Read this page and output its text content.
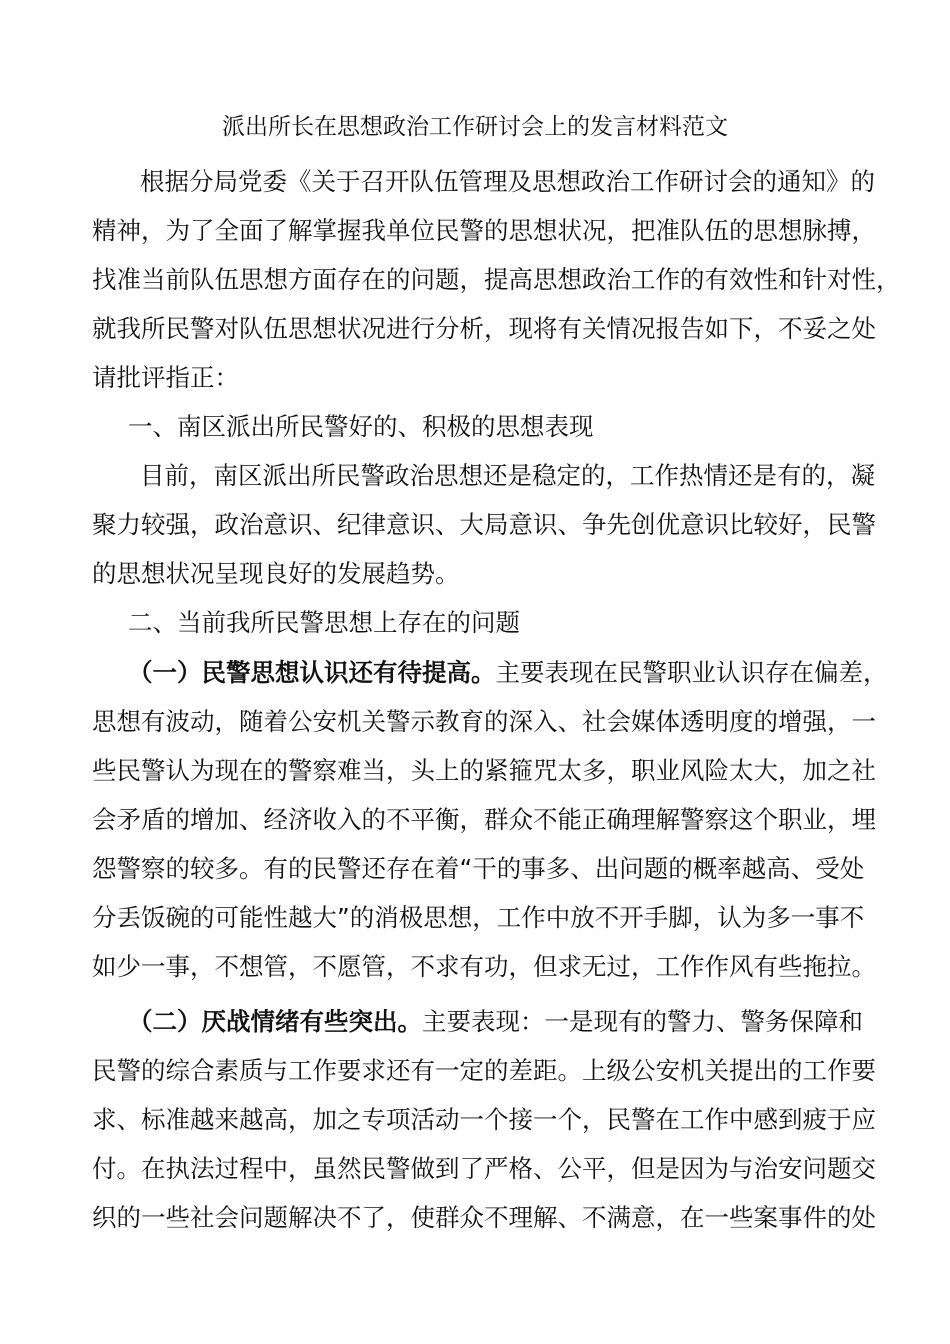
派出所长在思想政治工作研讨会上的发言材料范文
根据分局党委《关于召开队伍管理及思想政治工作研讨会的通知》的
精神，为了全面了解掌握我单位民警的思想状况，把准队伍的思想脉搏，
找准当前队伍思想方面存在的问题，提高思想政治工作的有效性和针对性，
就我所民警对队伍思想状况进行分析，现将有关情况报告如下，不妥之处
请批评指正：
一、南区派出所民警好的、积极的思想表现
目前，南区派出所民警政治思想还是稳定的，工作热情还是有的，凝
聚力较强，政治意识、纪律意识、大局意识、争先创优意识比较好，民警
的思想状况呈现良好的发展趋势。
二、当前我所民警思想上存在的问题
（一）民警思想认识还有待提高。主要表现在民警职业认识存在偏差，
思想有波动，随着公安机关警示教育的深入、社会媒体透明度的增强，一
些民警认为现在的警察难当，头上的紧箍咒太多，职业风险太大，加之社
会矛盾的增加、经济收入的不平衡，群众不能正确理解警察这个职业，埋
怨警察的较多。有的民警还存在着“干的事多、出问题的概率越高、受处
分丢饭碗的可能性越大”的消极思想，工作中放不开手脚，认为多一事不
如少一事，不想管，不愿管，不求有功，但求无过，工作作风有些拖拉。
（二）厌战情绪有些突出。主要表现：一是现有的警力、警务保障和
民警的综合素质与工作要求还有一定的差距。上级公安机关提出的工作要
求、标准越来越高，加之专项活动一个接一个，民警在工作中感到疲于应
付。在执法过程中，虽然民警做到了严格、公平，但是因为与治安问题交
织的一些社会问题解决不了，使群众不理解、不满意，在一些案事件的处
